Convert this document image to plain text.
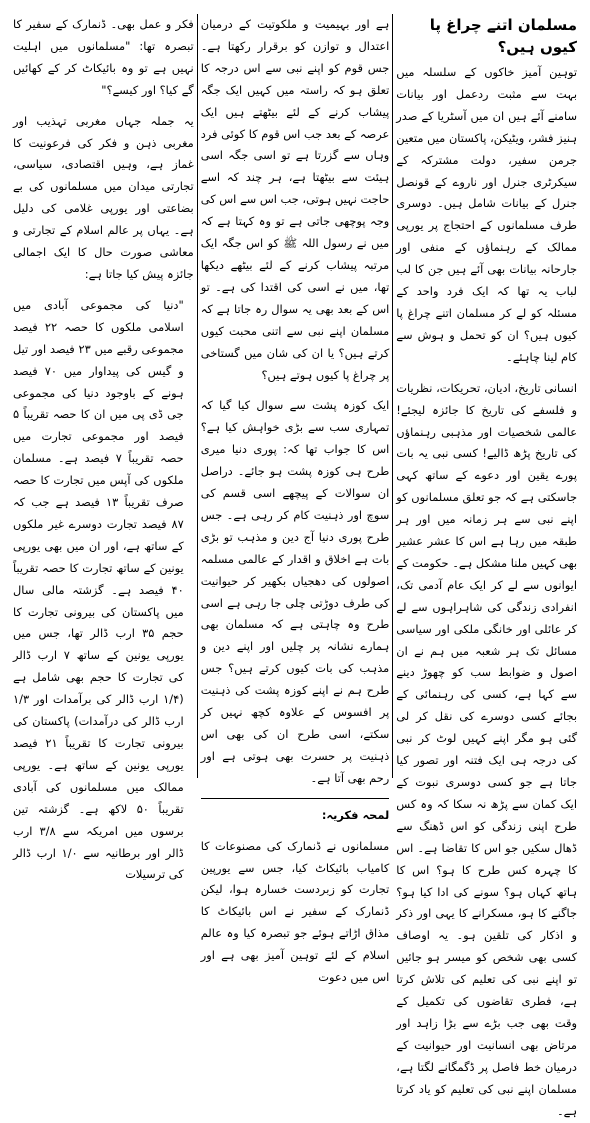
مسلمان اتنے چراغ پا کیوں ہیں؟

توہین آمیز خاکوں کے سلسلہ میں بہت سے مثبت ردعمل اور بیانات سامنے آئے ہیں ان میں آسٹریا کے صدر ہنیز فشر، ویٹیکن، پاکستان میں متعین جرمن سفیر، دولت مشترکہ کے سیکرٹری جنرل اور ناروے کے قونصل جنرل کے بیانات شامل ہیں۔ دوسری طرف مسلمانوں کے احتجاج پر یورپی ممالک کے رہنماؤں کے منفی اور جارحانہ بیانات بھی آئے ہیں جن کا لب لباب یہ تھا کہ ایک فرد واحد کے مسئلہ کو لے کر مسلمان اتنے چراغ پا کیوں ہیں؟ ان کو تحمل و ہوش سے کام لینا چاہئے۔

انسانی تاریخ، ادیان، تحریکات، نظریات و فلسفے کی تاریخ کا جائزہ لیجئے! عالمی شخصیات اور مذہبی رہنماؤں کی تاریخ پڑھ ڈالیے! کسی نبی یہ بات پورے یقین اور دعوے کے ساتھ کہی جاسکتی ہے کہ جو تعلق مسلمانوں کو اپنے نبی سے ہر زمانہ میں اور ہر طبقہ میں رہا ہے اس کا عشر عشیر بھی کہیں ملنا مشکل ہے۔ حکومت کے ایوانوں سے لے کر ایک عام آدمی تک، انفرادی زندگی کی شاہراہوں سے لے کر عائلی اور خانگی ملکی اور سیاسی مسائل تک ہر شعبہ میں ہم نے ان اصول و ضوابط سب کو چھوڑ دینے سے کہا ہے، کسی کی رہنمائی کے بجائے کسی دوسرے کی نقل کر لی گئی ہو مگر اپنے کہیں لوٹ کر نبی کی درجہ ہی ایک فتنہ اور تصور کیا جاتا ہے جو کسی دوسری نبوت کے ایک کمان سے پڑھ نہ سکا کہ وہ کس طرح اپنی زندگی کو اس ڈھنگ سے ڈھال سکیں جو اس کا تقاضا ہے۔ اس کا چہرہ کس طرح کا ہو؟ اس کا ہاتھ کہاں ہو؟ سونے کی ادا کیا ہو؟ جاگنے کا ہو، مسکرانے کا یہی اور ذکر و اذکار کی تلقین ہو۔ یہ اوصاف کسی بھی شخص کو میسر ہو جائیں تو اپنے نبی کی تعلیم کی تلاش کرتا ہے، فطری تقاضوں کی تکمیل کے وقت بھی جب بڑے سے بڑا زاہد اور مرتاض بھی انسانیت اور حیوانیت کے درمیان خط فاصل پر ڈگمگانے لگتا ہے، مسلمان اپنے نبی کی تعلیم کو یاد کرتا ہے۔

ہے اور بہیمیت و ملکوتیت کے درمیان اعتدال و توازن کو برقرار رکھتا ہے۔ جس قوم کو اپنے نبی سے اس درجہ کا تعلق ہو کہ راستہ میں کہیں ایک جگہ پیشاب کرنے کے لئے بیٹھتے ہیں ایک عرصہ کے بعد جب اس قوم کا کوئی فرد وہاں سے گزرتا ہے تو اسی جگہ اسی ہیئت سے بیٹھتا ہے، ہر چند کہ اسے حاجت نہیں ہوتی، جب اس سے اس کی وجہ پوچھی جاتی ہے تو وہ کہتا ہے کہ میں نے رسول اللہ ﷺ کو اس جگہ ایک مرتبہ پیشاب کرنے کے لئے بیٹھے دیکھا تھا، میں نے اسی کی اقتدا کی ہے۔ تو اس کے بعد بھی یہ سوال رہ جاتا ہے کہ مسلمان اپنے نبی سے اتنی محبت کیوں کرتے ہیں؟ یا ان کی شان میں گستاخی پر چراغ پا کیوں ہوتے ہیں؟

ایک کوزہ پشت سے سوال کیا گیا کہ تمہاری سب سے بڑی خواہش کیا ہے؟ اس کا جواب تھا کہ: پوری دنیا میری طرح ہی کوزہ پشت ہو جائے۔ دراصل ان سوالات کے پیچھے اسی قسم کی سوچ اور ذہنیت کام کر رہی ہے۔ جس طرح پوری دنیا آج دین و مذہب تو بڑی بات ہے اخلاق و اقدار کے عالمی مسلمہ اصولوں کی دھجیاں بکھیر کر حیوانیت کی طرف دوڑتی چلی جا رہی ہے اسی طرح وہ چاہتی ہے کہ مسلمان بھی ہمارے نشانہ پر چلیں اور اپنے دین و مذہب کی بات کیوں کرتے ہیں؟ جس طرح ہم نے اپنے کوزہ پشت کی ذہنیت پر افسوس کے علاوہ کچھ نہیں کر سکتے، اسی طرح ان کی بھی اس ذہنیت پر حسرت بھی ہوتی ہے اور رحم بھی آتا ہے۔

لمحہ فکریہ:

مسلمانوں نے ڈنمارک کی مصنوعات کا کامیاب بائیکاٹ کیا، جس سے یورپین تجارت کو زبردست خسارہ ہوا، لیکن ڈنمارک کے سفیر نے اس بائیکاٹ کا مذاق اڑاتے ہوئے جو تبصرہ کیا وہ عالم اسلام کے لئے توہین آمیز بھی ہے اور اس میں دعوت

فکر و عمل بھی۔ ڈنمارک کے سفیر کا تبصرہ تھا: "مسلمانوں میں اہلیت نہیں ہے تو وہ بائیکاٹ کر کے کھائیں گے کیا؟ اور کیسے؟"

یہ جملہ جہاں مغربی تہذیب اور مغربی ذہن و فکر کی فرعونیت کا غماز ہے، وہیں اقتصادی، سیاسی، تجارتی میدان میں مسلمانوں کی بے بضاعتی اور یورپی غلامی کی دلیل ہے۔ یہاں پر عالم اسلام کے تجارتی و معاشی صورت حال کا ایک اجمالی جائزہ پیش کیا جاتا ہے:

"دنیا کی مجموعی آبادی میں اسلامی ملکوں کا حصہ ۲۲ فیصد مجموعی رقبے میں ۲۳ فیصد اور تیل و گیس کی پیداوار میں ۷۰ فیصد ہونے کے باوجود دنیا کی مجموعی جی ڈی پی میں ان کا حصہ تقریباً ۵ فیصد اور مجموعی تجارت میں حصہ تقریباً ۷ فیصد ہے۔ مسلمان ملکوں کی آپس میں تجارت کا حصہ صرف تقریباً ۱۳ فیصد ہے جب کہ ۸۷ فیصد تجارت دوسرے غیر ملکوں کے ساتھ ہے، اور ان میں بھی یورپی یونین کے ساتھ تجارت کا حصہ تقریباً ۴۰ فیصد ہے۔ گزشتہ مالی سال میں پاکستان کی بیرونی تجارت کا حجم ۳۵ ارب ڈالر تھا، جس میں یورپی یونین کے ساتھ ۷ ارب ڈالر کی تجارت کا حجم بھی شامل ہے (۱/۴ ارب ڈالر کی برآمدات اور ۱/۳ ارب ڈالر کی درآمدات) پاکستان کی بیرونی تجارت کا تقریباً ۲۱ فیصد یورپی یونین کے ساتھ ہے۔ یورپی ممالک میں مسلمانوں کی آبادی تقریباً ۵۰ لاکھ ہے۔ گزشتہ تین برسوں میں امریکہ سے ۳/۸ ارب ڈالر اور برطانیہ سے ۱/۰ ارب ڈالر کی ترسیلات
